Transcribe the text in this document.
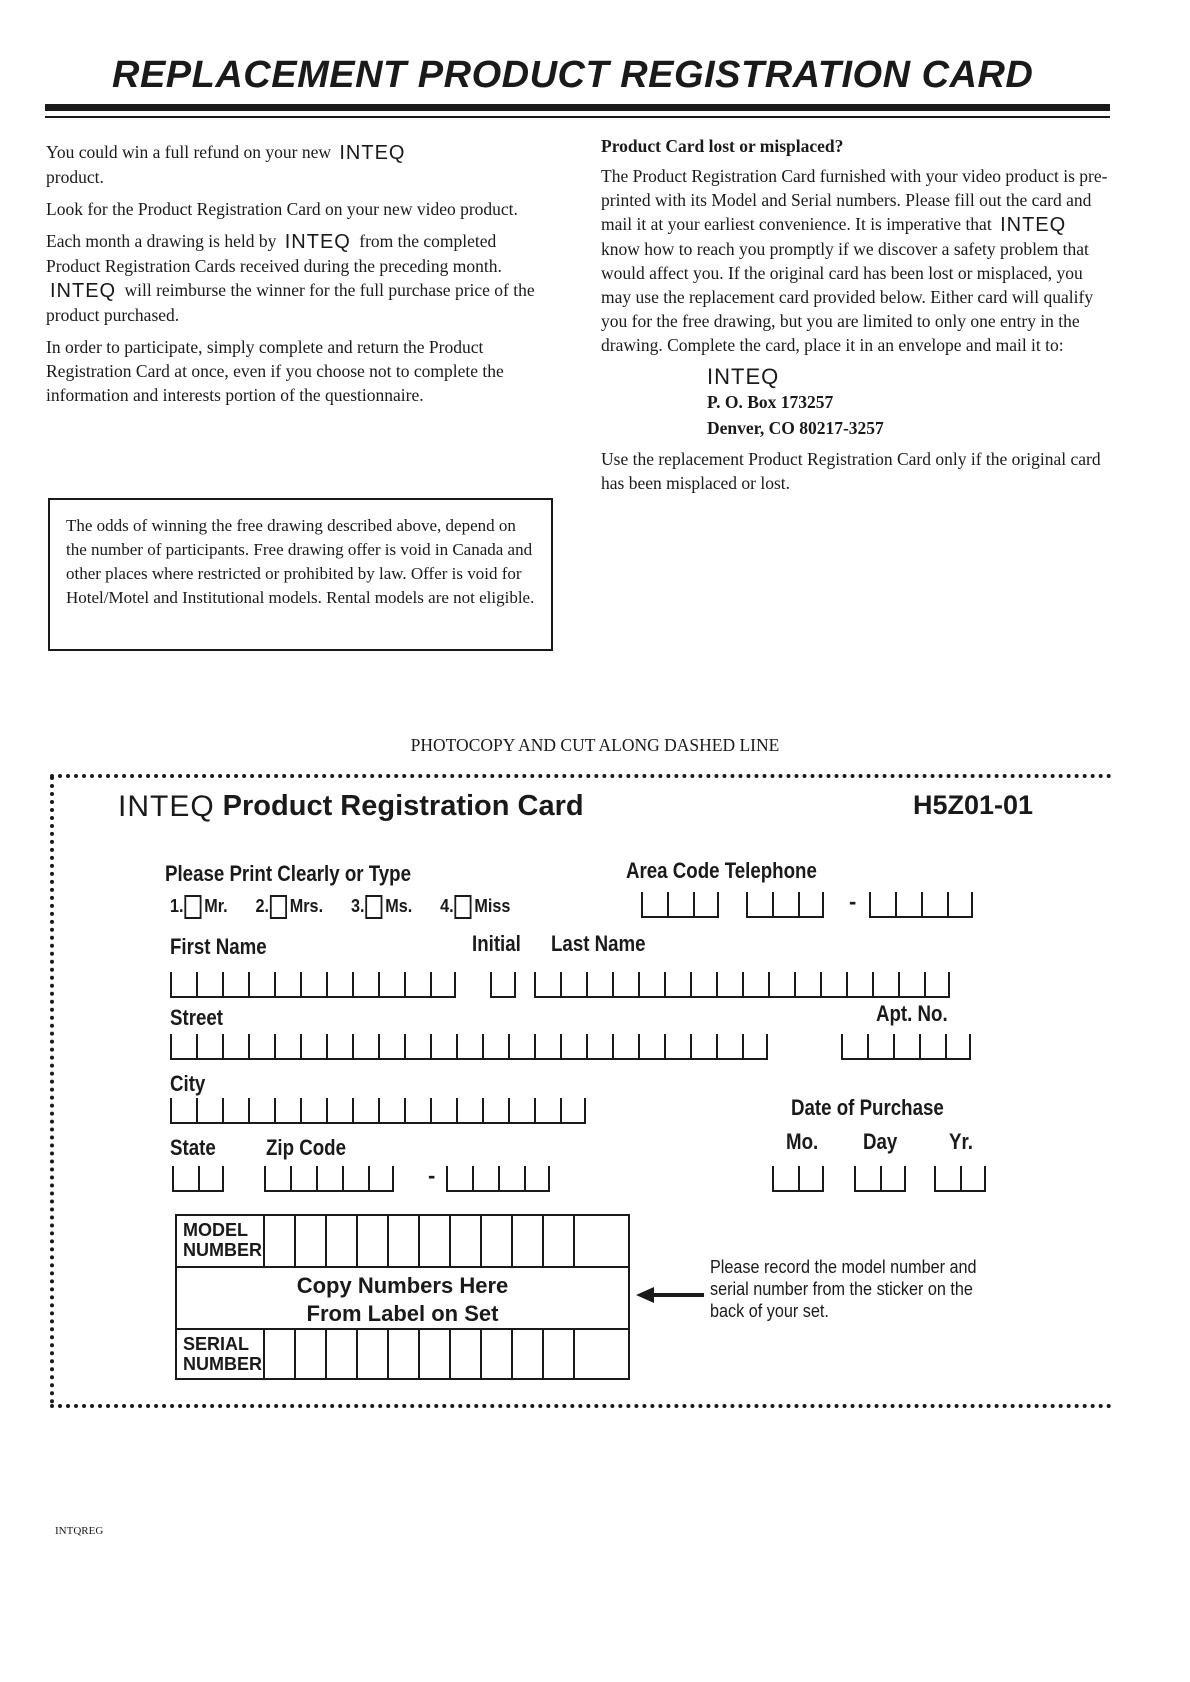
REPLACEMENT PRODUCT REGISTRATION CARD

You could win a full refund on your new INTEQ
product.

Look for the Product Registration Card on your new video product.

Each month a drawing is held by INTEQ from the completed Product Registration Cards received during the preceding month. INTEQ will reimburse the winner for the full purchase price of the product purchased.

In order to participate, simply complete and return the Product Registration Card at once, even if you choose not to complete the information and interests portion of the questionnaire.

The odds of winning the free drawing described above, depend on the number of participants. Free drawing offer is void in Canada and other places where restricted or prohibited by law. Offer is void for Hotel/Motel and Institutional models. Rental models are not eligible.

Product Card lost or misplaced?

The Product Registration Card furnished with your video product is pre-printed with its Model and Serial numbers. Please fill out the card and mail it at your earliest convenience. It is imperative that INTEQ know how to reach you promptly if we discover a safety problem that would affect you. If the original card has been lost or misplaced, you may use the replacement card provided below. Either card will qualify you for the free drawing, but you are limited to only one entry in the drawing. Complete the card, place it in an envelope and mail it to:

INTEQ
P. O. Box 173257
Denver, CO 80217-3257

Use the replacement Product Registration Card only if the original card has been misplaced or lost.

PHOTOCOPY AND CUT ALONG DASHED LINE
INTEQ Product Registration Card	H5Z01-01
Please Print Clearly or Type	Area Code Telephone
1. Mr. 2. Mrs. 3. Ms. 4. Miss	-
First Name	Initial Last Name
Street	Apt. No.
City
Date of Purchase
State Zip Code	Mo. Day Yr.
-
MODEL
NUMBER
Copy Numbers Here
From Label on Set
SERIAL
NUMBER
Please record the model number and serial number from the sticker on the back of your set.
INTQREG
